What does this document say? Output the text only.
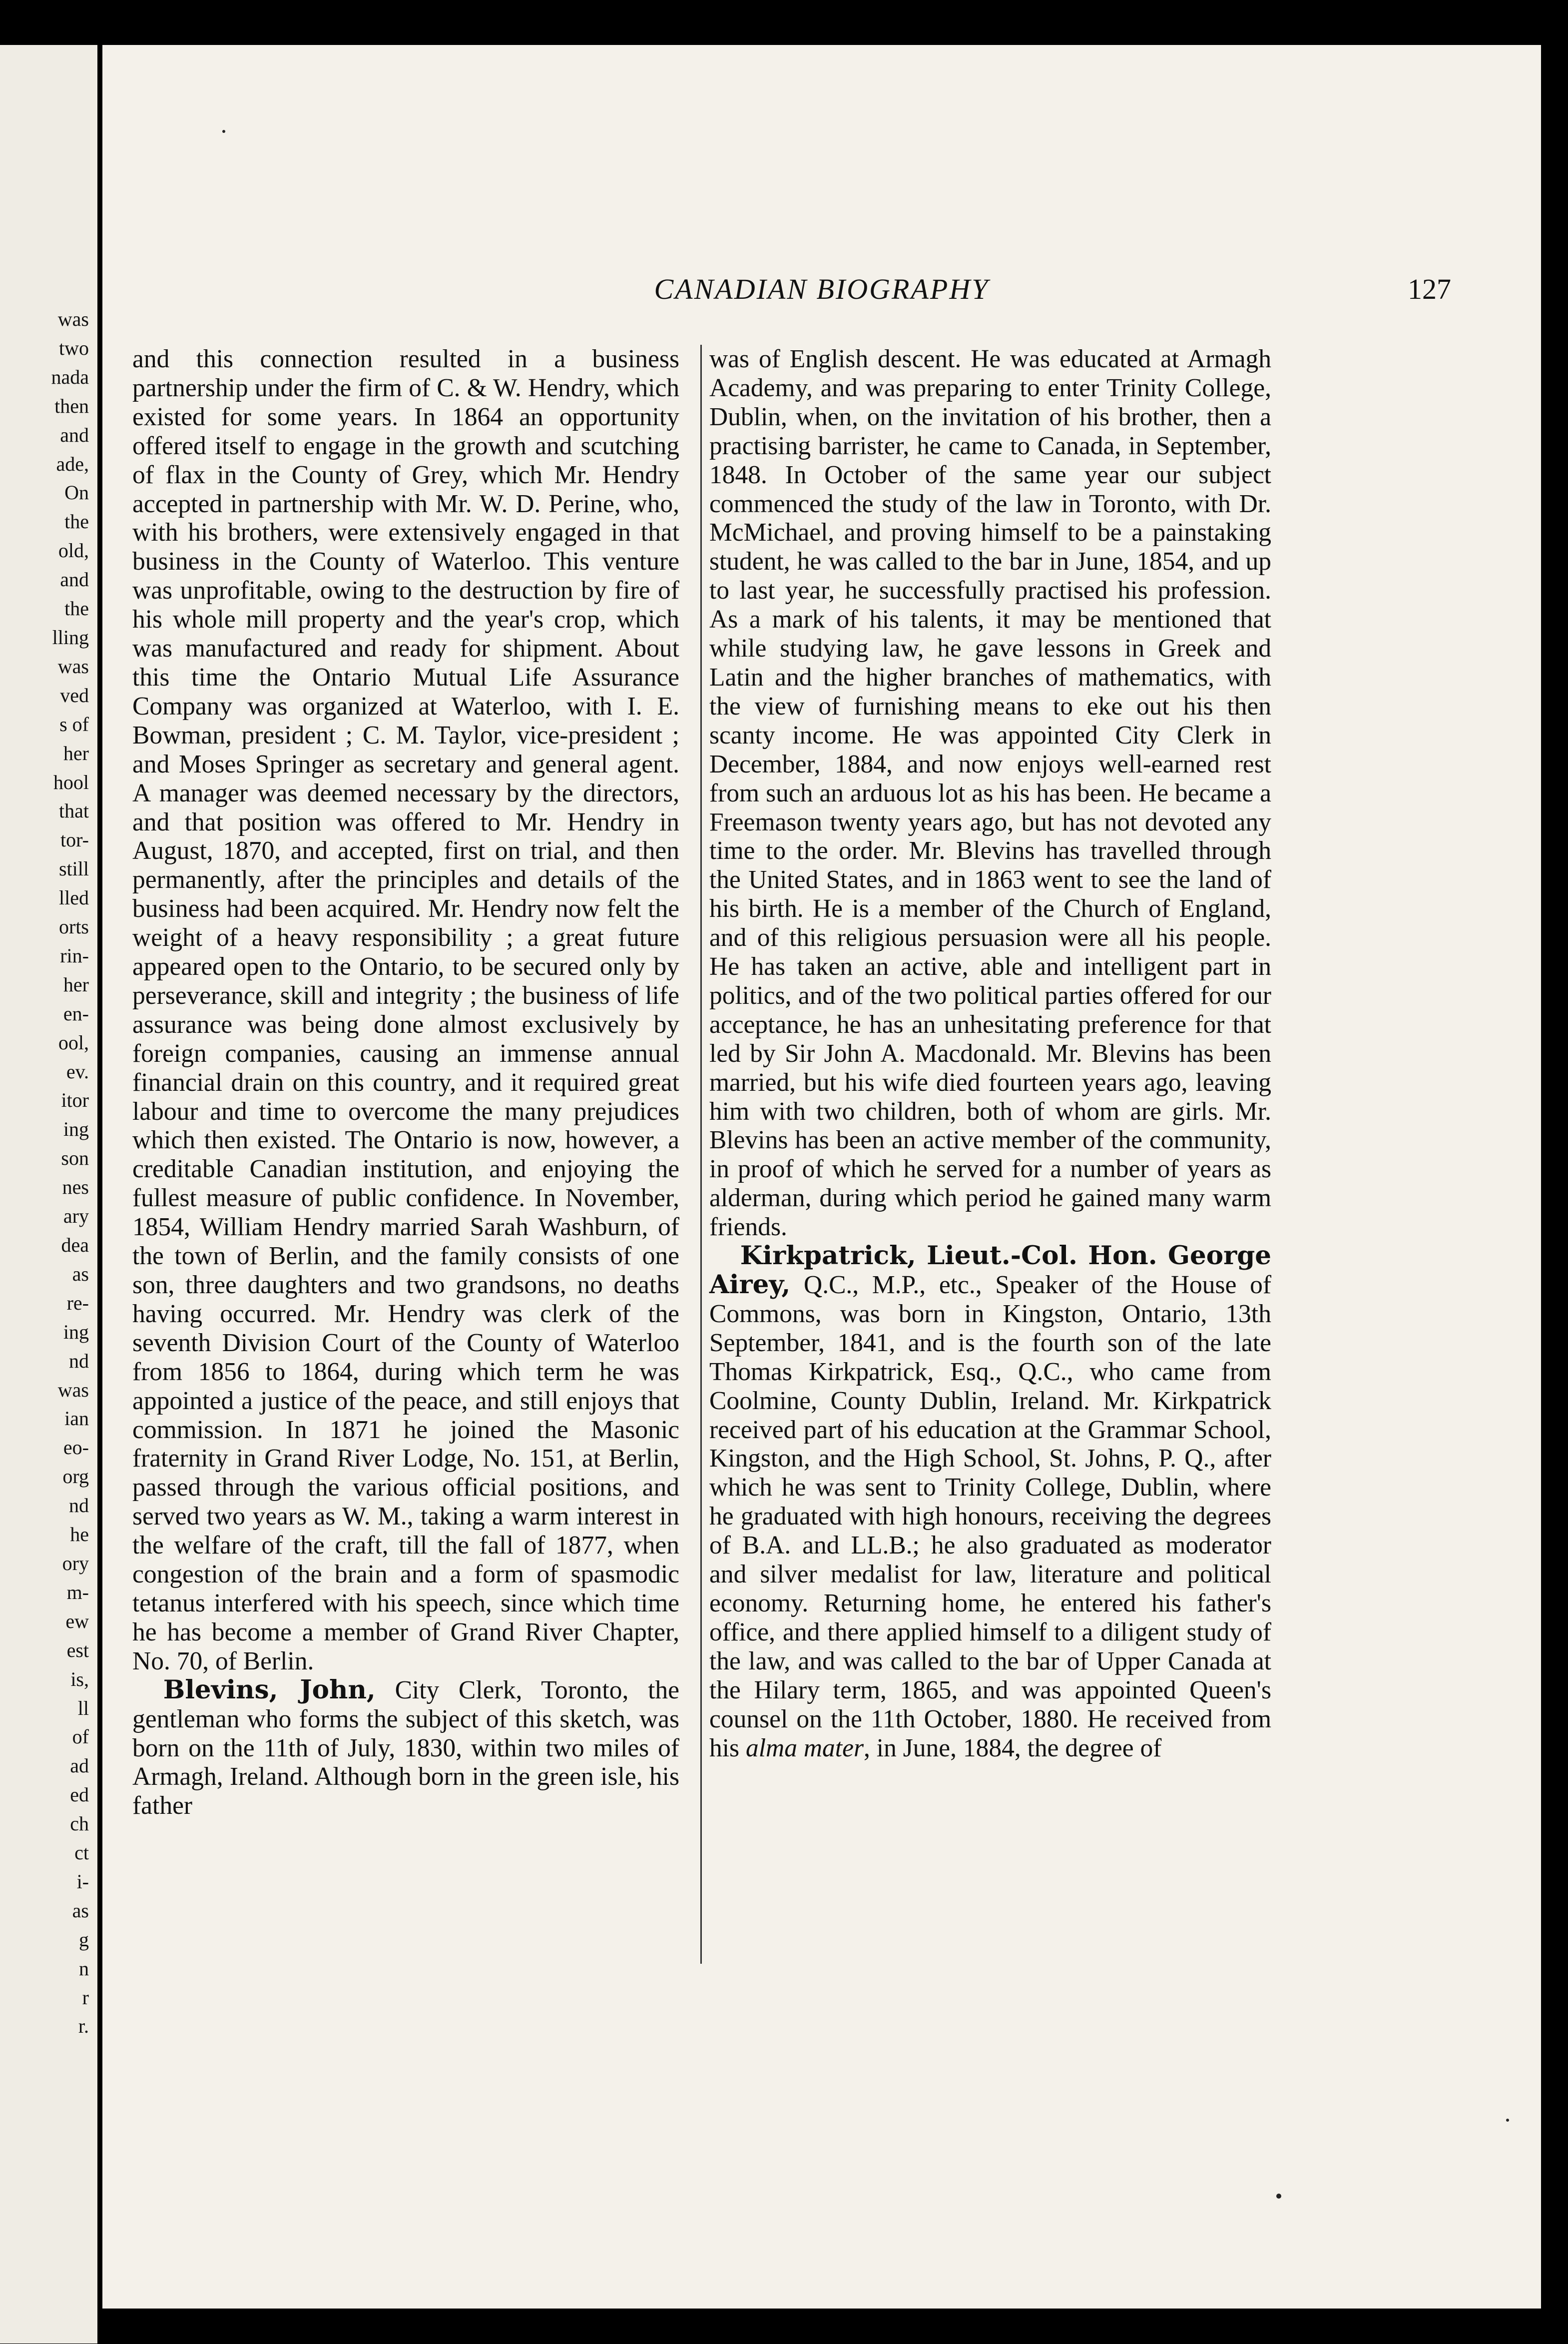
was
two
nada
then
and
ade,
On
the
old,
and
the
lling
was
ved
s of
her
hool
that
tor-
still
lled
orts
rin-
her
en-
ool,
ev.
itor
ing
son
nes
ary
dea
as
re-
ing
nd
was
ian
eo-
org
nd
he
ory
m-
ew
est
is,
ll
of
ad
ed
ch
ct
i-
as
g
n
r
r.
CANADIAN BIOGRAPHY	127

and this connection resulted in a business partnership under the firm of C. & W. Hendry, which existed for some years. In 1864 an opportunity offered itself to engage in the growth and scutching of flax in the County of Grey, which Mr. Hendry accepted in partnership with Mr. W. D. Perine, who, with his brothers, were extensively engaged in that business in the County of Waterloo. This venture was unprofitable, owing to the destruction by fire of his whole mill property and the year's crop, which was manufactured and ready for shipment. About this time the Ontario Mutual Life Assurance Company was organized at Waterloo, with I. E. Bowman, president ; C. M. Taylor, vice-president ; and Moses Springer as secretary and general agent. A manager was deemed necessary by the directors, and that position was offered to Mr. Hendry in August, 1870, and accepted, first on trial, and then permanently, after the principles and details of the business had been acquired. Mr. Hendry now felt the weight of a heavy responsibility ; a great future appeared open to the Ontario, to be secured only by perseverance, skill and integrity ; the business of life assurance was being done almost exclusively by foreign companies, causing an immense annual financial drain on this country, and it required great labour and time to overcome the many prejudices which then existed. The Ontario is now, however, a creditable Canadian institution, and enjoying the fullest measure of public confidence. In November, 1854, William Hendry married Sarah Washburn, of the town of Berlin, and the family consists of one son, three daughters and two grandsons, no deaths having occurred. Mr. Hendry was clerk of the seventh Division Court of the County of Waterloo from 1856 to 1864, during which term he was appointed a justice of the peace, and still enjoys that commission. In 1871 he joined the Masonic fraternity in Grand River Lodge, No. 151, at Berlin, passed through the various official positions, and served two years as W. M., taking a warm interest in the welfare of the craft, till the fall of 1877, when congestion of the brain and a form of spasmodic tetanus interfered with his speech, since which time he has become a member of Grand River Chapter, No. 70, of Berlin.

Blevins, John, City Clerk, Toronto, the gentleman who forms the subject of this sketch, was born on the 11th of July, 1830, within two miles of Armagh, Ireland. Although born in the green isle, his father

was of English descent. He was educated at Armagh Academy, and was preparing to enter Trinity College, Dublin, when, on the invitation of his brother, then a practising barrister, he came to Canada, in September, 1848. In October of the same year our subject commenced the study of the law in Toronto, with Dr. McMichael, and proving himself to be a painstaking student, he was called to the bar in June, 1854, and up to last year, he successfully practised his profession. As a mark of his talents, it may be mentioned that while studying law, he gave lessons in Greek and Latin and the higher branches of mathematics, with the view of furnishing means to eke out his then scanty income. He was appointed City Clerk in December, 1884, and now enjoys well-earned rest from such an arduous lot as his has been. He became a Freemason twenty years ago, but has not devoted any time to the order. Mr. Blevins has travelled through the United States, and in 1863 went to see the land of his birth. He is a member of the Church of England, and of this religious persuasion were all his people. He has taken an active, able and intelligent part in politics, and of the two political parties offered for our acceptance, he has an unhesitating preference for that led by Sir John A. Macdonald. Mr. Blevins has been married, but his wife died fourteen years ago, leaving him with two children, both of whom are girls. Mr. Blevins has been an active member of the community, in proof of which he served for a number of years as alderman, during which period he gained many warm friends.

Kirkpatrick, Lieut.-Col. Hon. George Airey, Q.C., M.P., etc., Speaker of the House of Commons, was born in Kingston, Ontario, 13th September, 1841, and is the fourth son of the late Thomas Kirkpatrick, Esq., Q.C., who came from Coolmine, County Dublin, Ireland. Mr. Kirkpatrick received part of his education at the Grammar School, Kingston, and the High School, St. Johns, P. Q., after which he was sent to Trinity College, Dublin, where he graduated with high honours, receiving the degrees of B.A. and LL.B.; he also graduated as moderator and silver medalist for law, literature and political economy. Returning home, he entered his father's office, and there applied himself to a diligent study of the law, and was called to the bar of Upper Canada at the Hilary term, 1865, and was appointed Queen's counsel on the 11th October, 1880. He received from his alma mater, in June, 1884, the degree of
